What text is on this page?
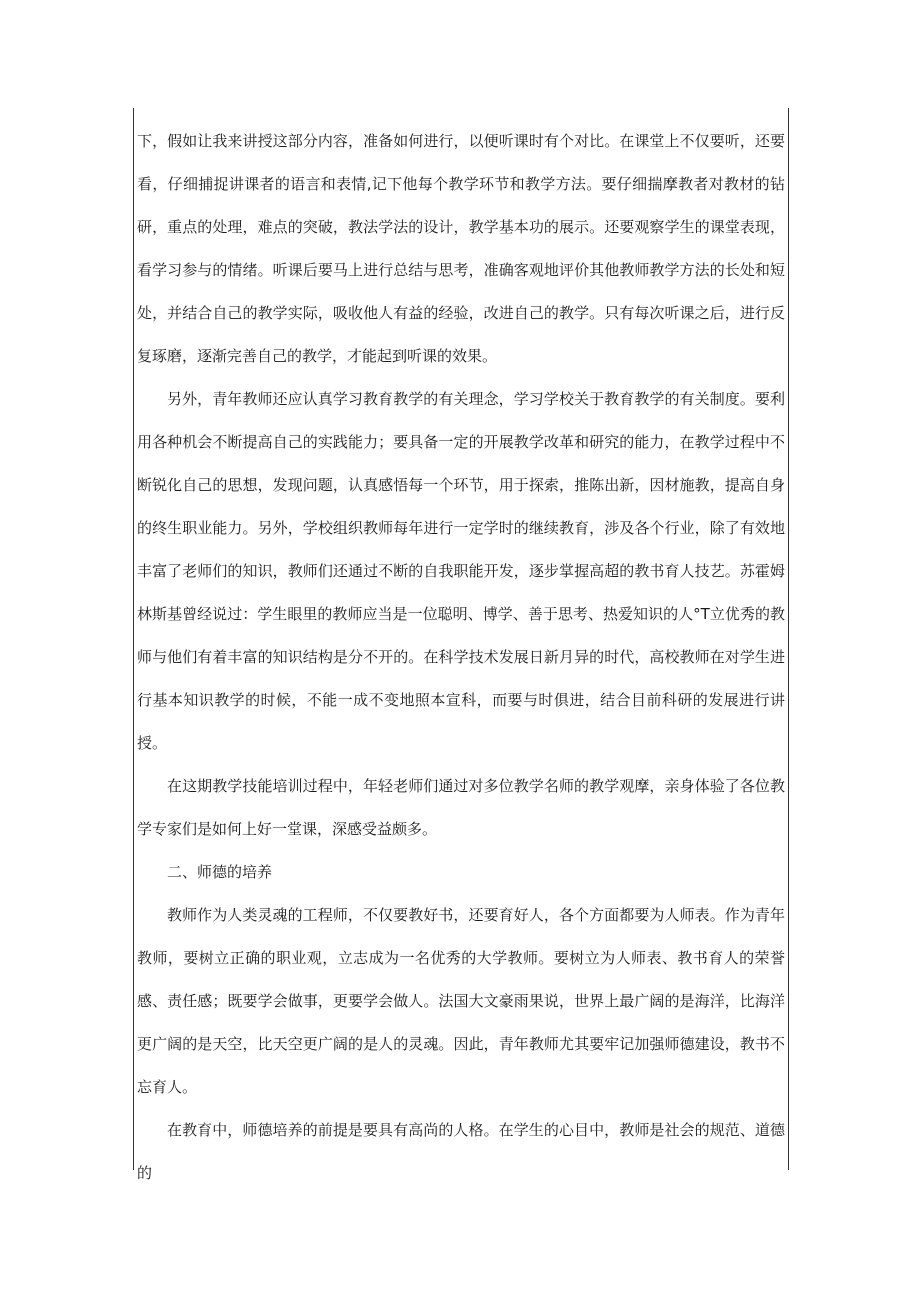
下，假如让我来讲授这部分内容，准备如何进行，以便听课时有个对比。在课堂上不仅要听，还要看，仔细捕捉讲课者的语言和表情,记下他每个教学环节和教学方法。要仔细揣摩教者对教材的钻研，重点的处理，难点的突破，教法学法的设计，教学基本功的展示。还要观察学生的课堂表现，看学习参与的情绪。听课后要马上进行总结与思考，准确客观地评价其他教师教学方法的长处和短处，并结合自己的教学实际，吸收他人有益的经验，改进自己的教学。只有每次听课之后，进行反复琢磨，逐渐完善自己的教学，才能起到听课的效果。

另外，青年教师还应认真学习教育教学的有关理念，学习学校关于教育教学的有关制度。要利用各种机会不断提高自己的实践能力；要具备一定的开展教学改革和研究的能力，在教学过程中不断锐化自己的思想，发现问题，认真感悟每一个环节，用于探索，推陈出新，因材施教，提高自身的终生职业能力。另外，学校组织教师每年进行一定学时的继续教育，涉及各个行业，除了有效地丰富了老师们的知识，教师们还通过不断的自我职能开发，逐步掌握高超的教书育人技艺。苏霍姆林斯基曾经说过：学生眼里的教师应当是一位聪明、博学、善于思考、热爱知识的人°T立优秀的教师与他们有着丰富的知识结构是分不开的。在科学技术发展日新月异的时代，高校教师在对学生进行基本知识教学的时候，不能一成不变地照本宣科，而要与时俱进，结合目前科研的发展进行讲授。

在这期教学技能培训过程中，年轻老师们通过对多位教学名师的教学观摩，亲身体验了各位教学专家们是如何上好一堂课，深感受益颇多。

二、师德的培养

教师作为人类灵魂的工程师，不仅要教好书，还要育好人，各个方面都要为人师表。作为青年教师，要树立正确的职业观，立志成为一名优秀的大学教师。要树立为人师表、教书育人的荣誉感、责任感；既要学会做事，更要学会做人。法国大文豪雨果说，世界上最广阔的是海洋，比海洋更广阔的是天空，比天空更广阔的是人的灵魂。因此，青年教师尤其要牢记加强师德建设，教书不忘育人。

在教育中，师德培养的前提是要具有高尚的人格。在学生的心目中，教师是社会的规范、道德的
